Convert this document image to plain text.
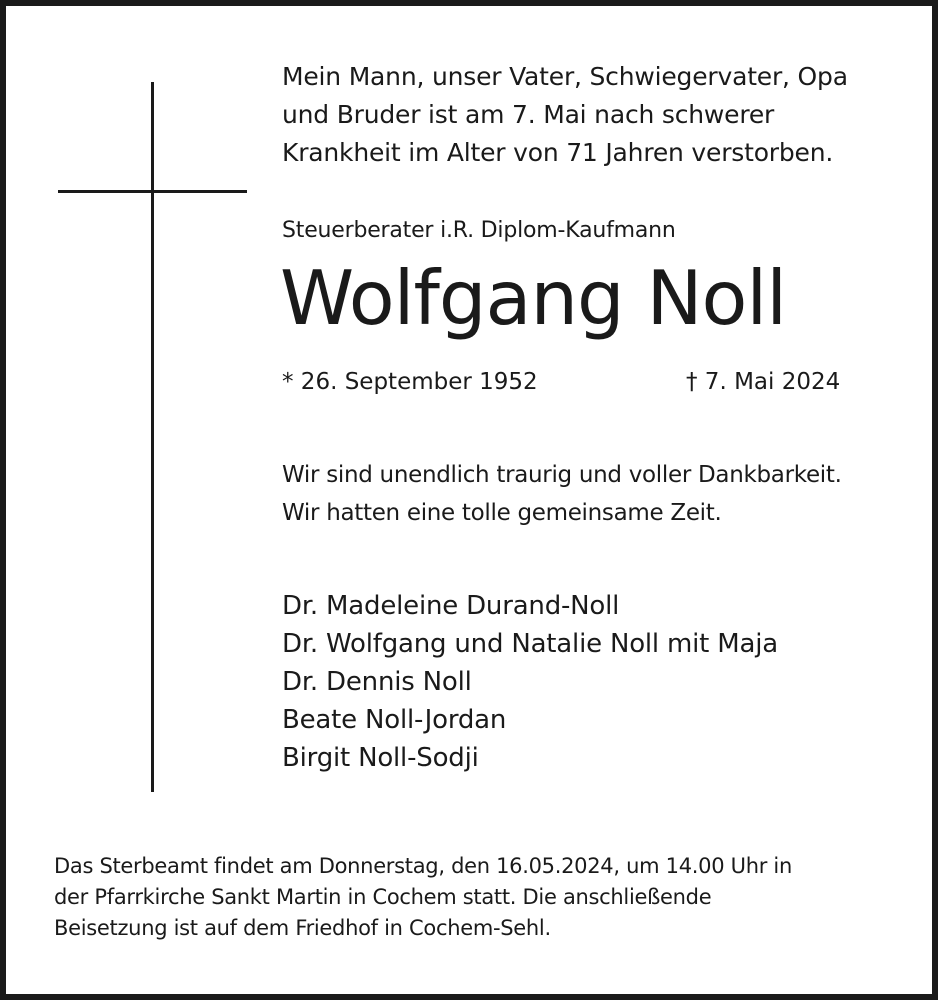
Mein Mann, unser Vater, Schwiegervater, Opa
und Bruder ist am 7. Mai nach schwerer
Krankheit im Alter von 71 Jahren verstorben.
Steuerberater i.R. Diplom-Kaufmann
Wolfgang Noll
* 26. September 1952	† 7. Mai 2024
Wir sind unendlich traurig und voller Dankbarkeit.
Wir hatten eine tolle gemeinsame Zeit.
Dr. Madeleine Durand-Noll
Dr. Wolfgang und Natalie Noll mit Maja
Dr. Dennis Noll
Beate Noll-Jordan
Birgit Noll-Sodji
Das Sterbeamt findet am Donnerstag, den 16.05.2024, um 14.00 Uhr in
der Pfarrkirche Sankt Martin in Cochem statt. Die anschließende
Beisetzung ist auf dem Friedhof in Cochem-Sehl.
